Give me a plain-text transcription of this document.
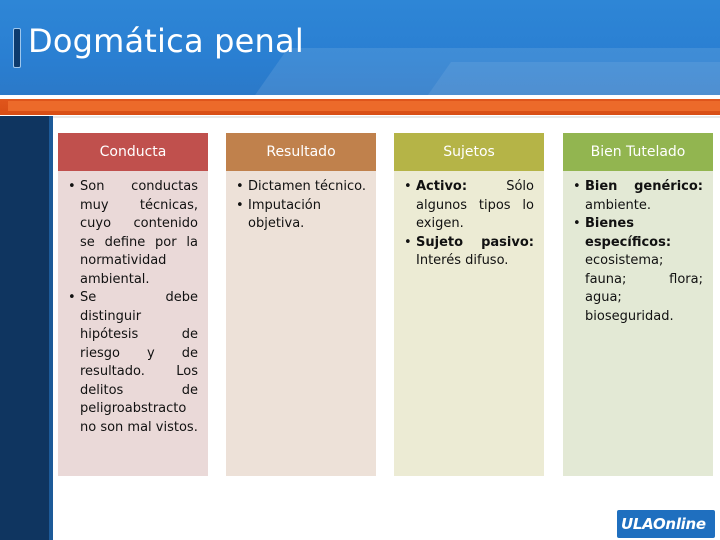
Dogmática penal
Conducta
• Son conductas muy técnicas, cuyo contenido se define por la normatividad ambiental.
• Se debe distinguir hipótesis de riesgo y de resultado. Los delitos de peligroabstracto no son mal vistos.
Resultado
• Dictamen técnico.
• Imputación objetiva.
Sujetos
• Activo: Sólo algunos tipos lo exigen.
• Sujeto pasivo: Interés difuso.
Bien Tutelado
• Bien genérico: ambiente.
• Bienes específicos: ecosistema; fauna; flora; agua; bioseguridad.
ULAOnline
